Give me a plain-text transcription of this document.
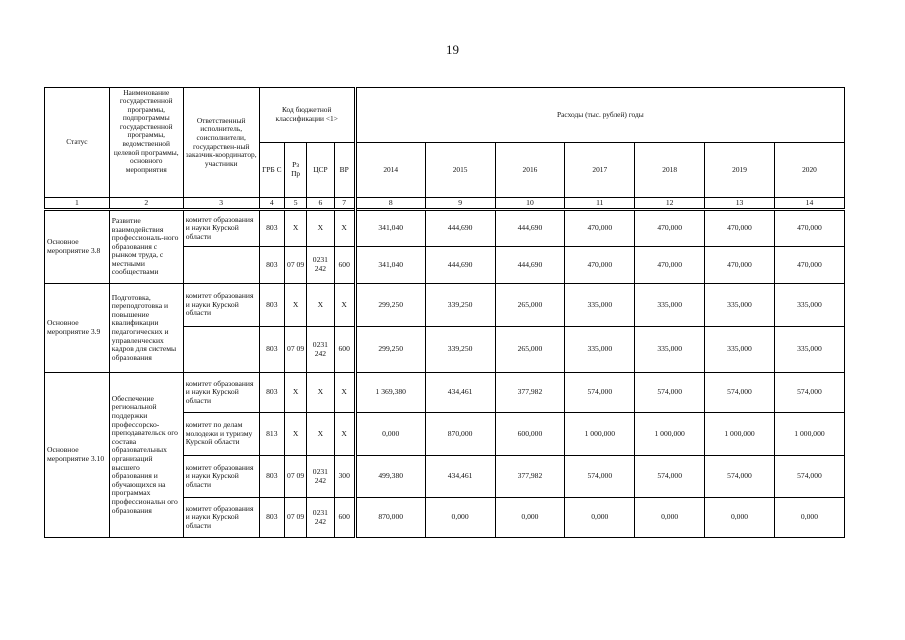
19
Статус	Наименование государственной программы, подпрограммы государственной программы, ведомственной целевой программы, основного мероприятия	Ответственный исполнитель, соисполнители, государствен-ный заказчик-координатор, участники	Код бюджетной классификации <1>				Расходы (тыс. рублей) годы						
			ГРБ С	Рз Пр	ЦСР	ВР	2014	2015	2016	2017	2018	2019	2020
1	2	3	4	5	6	7	8	9	10	11	12	13	14
Основное мероприятие 3.8	Развитие взаимодействия профессиональ-ного образования с рынком труда, с местными сообществами	комитет образования и науки Курской области	803	X	X	X	341,040	444,690	444,690	470,000	470,000	470,000	470,000
			803	07 09	0231 242	600	341,040	444,690	444,690	470,000	470,000	470,000	470,000
Основное мероприятие 3.9	Подготовка, переподготовка и повышение квалификации педагогических и управленческих кадров для системы образования	комитет образования и науки Курской области	803	X	X	X	299,250	339,250	265,000	335,000	335,000	335,000	335,000
			803	07 09	0231 242	600	299,250	339,250	265,000	335,000	335,000	335,000	335,000
Основное мероприятие 3.10	Обеспечение региональной поддержки профессорско-преподавательск ого состава образовательных организаций высшего образования и обучающихся на программах профессиональн ого образования	комитет образования и науки Курской области	803	X	X	X	1 369,380	434,461	377,982	574,000	574,000	574,000	574,000
		комитет по делам молодежи и туризму Курской области	813	X	X	X	0,000	870,000	600,000	1 000,000	1 000,000	1 000,000	1 000,000
		комитет образования и науки Курской области	803	07 09	0231 242	300	499,380	434,461	377,982	574,000	574,000	574,000	574,000
		комитет образования и науки Курской области	803	07 09	0231 242	600	870,000	0,000	0,000	0,000	0,000	0,000	0,000
